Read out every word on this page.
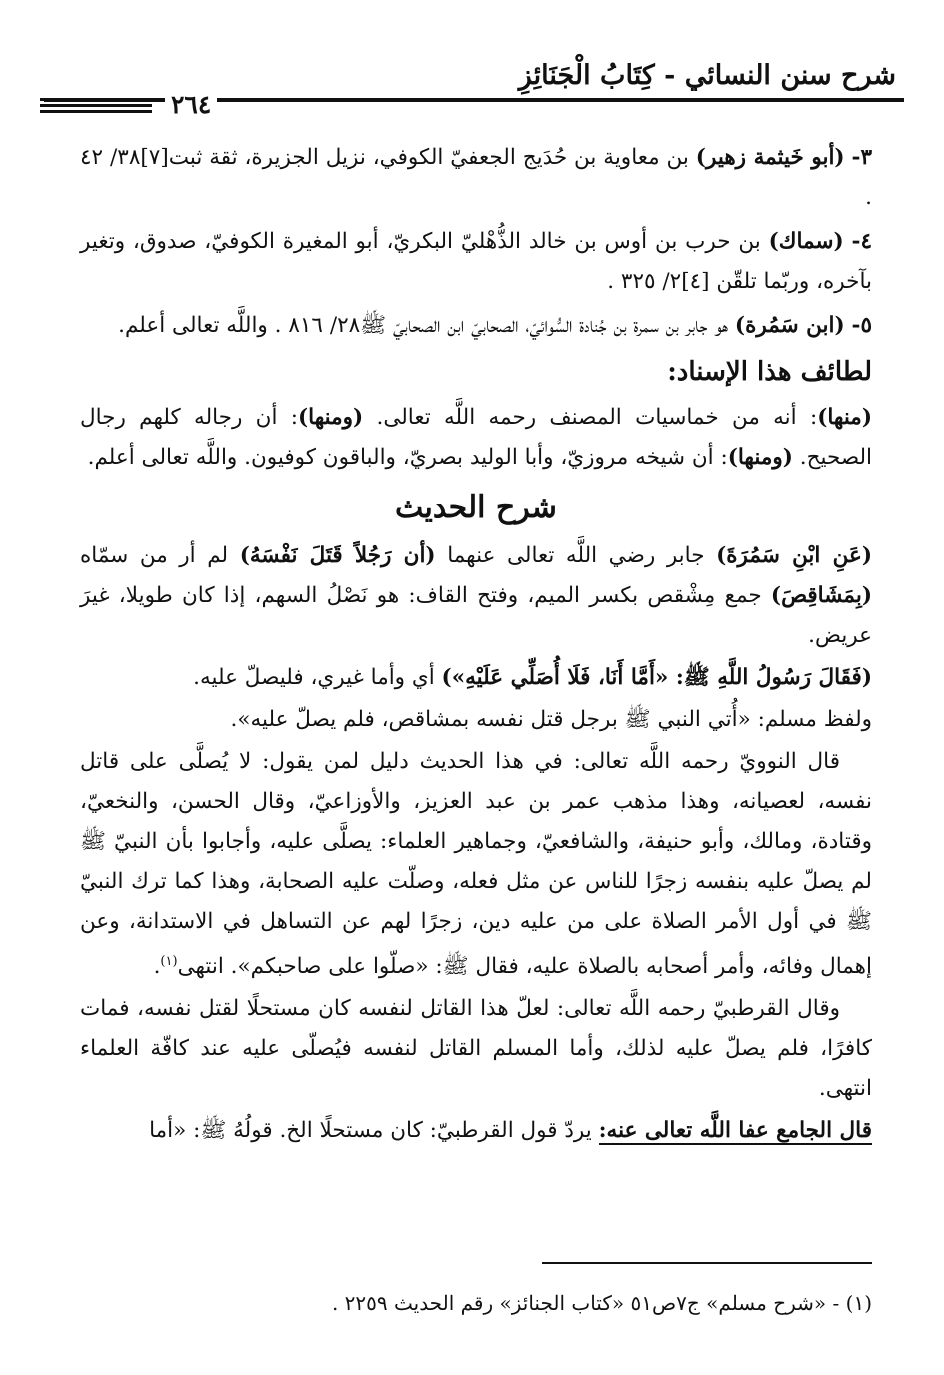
شرح سنن النسائي - كِتَابُ الْجَنَائِزِ
٢٦٤

٣- (أبو خَيثمة زهير) بن معاوية بن حُدَيج الجعفيّ الكوفي، نزيل الجزيرة، ثقة ثبت[٧]٣٨/ ٤٢ .

٤- (سماك) بن حرب بن أوس بن خالد الذُّهْليّ البكريّ، أبو المغيرة الكوفيّ، صدوق، وتغير بآخره، وربّما تلقّن [٤]٢/ ٣٢٥ .

٥- (ابن سَمُرة) هو جابر بن سمرة بن جُنادة السُّوائيّ، الصحابيّ ابن الصحابيّ ﷺ٢٨/ ٨١٦ . واللَّه تعالى أعلم.

لطائف هذا الإسناد:

(منها): أنه من خماسيات المصنف رحمه اللَّه تعالى. (ومنها): أن رجاله كلهم رجال الصحيح. (ومنها): أن شيخه مروزيّ، وأبا الوليد بصريّ، والباقون كوفيون. واللَّه تعالى أعلم.

شرح الحديث

(عَنِ ابْنِ سَمُرَةَ) جابر رضي اللَّه تعالى عنهما (أن رَجُلاً قَتَلَ نَفْسَهُ) لم أر من سمّاه (بِمَشَاقِصَ) جمع مِشْقص بكسر الميم، وفتح القاف: هو نَصْلُ السهم، إذا كان طويلا، غيرَ عريض.

(فَقَالَ رَسُولُ اللَّهِ ﷺ: «أَمَّا أَنَا، فَلَا أُصَلِّي عَلَيْهِ») أي وأما غيري، فليصلّ عليه.

ولفظ مسلم: «أُتي النبي ﷺ برجل قتل نفسه بمشاقص، فلم يصلّ عليه».

قال النوويّ رحمه اللَّه تعالى: في هذا الحديث دليل لمن يقول: لا يُصلَّى على قاتل نفسه، لعصيانه، وهذا مذهب عمر بن عبد العزيز، والأوزاعيّ، وقال الحسن، والنخعيّ، وقتادة، ومالك، وأبو حنيفة، والشافعيّ، وجماهير العلماء: يصلَّى عليه، وأجابوا بأن النبيّ ﷺ لم يصلّ عليه بنفسه زجرًا للناس عن مثل فعله، وصلّت عليه الصحابة، وهذا كما ترك النبيّ ﷺ في أول الأمر الصلاة على من عليه دين، زجرًا لهم عن التساهل في الاستدانة، وعن إهمال وفائه، وأمر أصحابه بالصلاة عليه، فقال ﷺ: «صلّوا على صاحبكم». انتهى$^{(١)}$.

وقال القرطبيّ رحمه اللَّه تعالى: لعلّ هذا القاتل لنفسه كان مستحلًا لقتل نفسه، فمات كافرًا، فلم يصلّ عليه لذلك، وأما المسلم القاتل لنفسه فيُصلّى عليه عند كافّة العلماء انتهى.

قال الجامع عفا اللَّه تعالى عنه: يردّ قول القرطبيّ: كان مستحلًا الخ. قولُهُ ﷺ: «أما

(١) - «شرح مسلم» ج٧ص٥١ «كتاب الجنائز» رقم الحديث ٢٢٥٩ .
